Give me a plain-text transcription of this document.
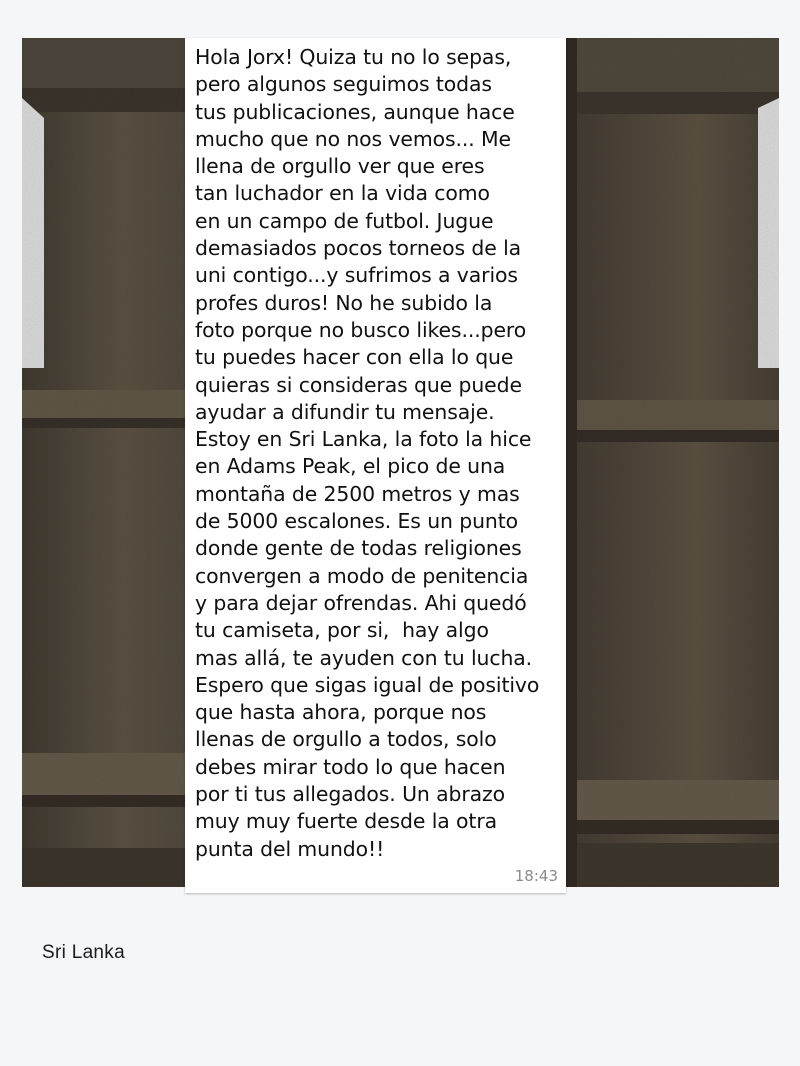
Hola Jorx! Quiza tu no lo sepas,
pero algunos seguimos todas
tus publicaciones, aunque hace
mucho que no nos vemos... Me
llena de orgullo ver que eres
tan luchador en la vida como
en un campo de futbol. Jugue
demasiados pocos torneos de la
uni contigo...y sufrimos a varios
profes duros! No he subido la
foto porque no busco likes...pero
tu puedes hacer con ella lo que
quieras si consideras que puede
ayudar a difundir tu mensaje.
Estoy en Sri Lanka, la foto la hice
en Adams Peak, el pico de una
montaña de 2500 metros y mas
de 5000 escalones. Es un punto
donde gente de todas religiones
convergen a modo de penitencia
y para dejar ofrendas. Ahi quedó
tu camiseta, por si,  hay algo
mas allá, te ayuden con tu lucha.
Espero que sigas igual de positivo
que hasta ahora, porque nos
llenas de orgullo a todos, solo
debes mirar todo lo que hacen
por ti tus allegados. Un abrazo
muy muy fuerte desde la otra
punta del mundo!!

18:43
Sri Lanka
